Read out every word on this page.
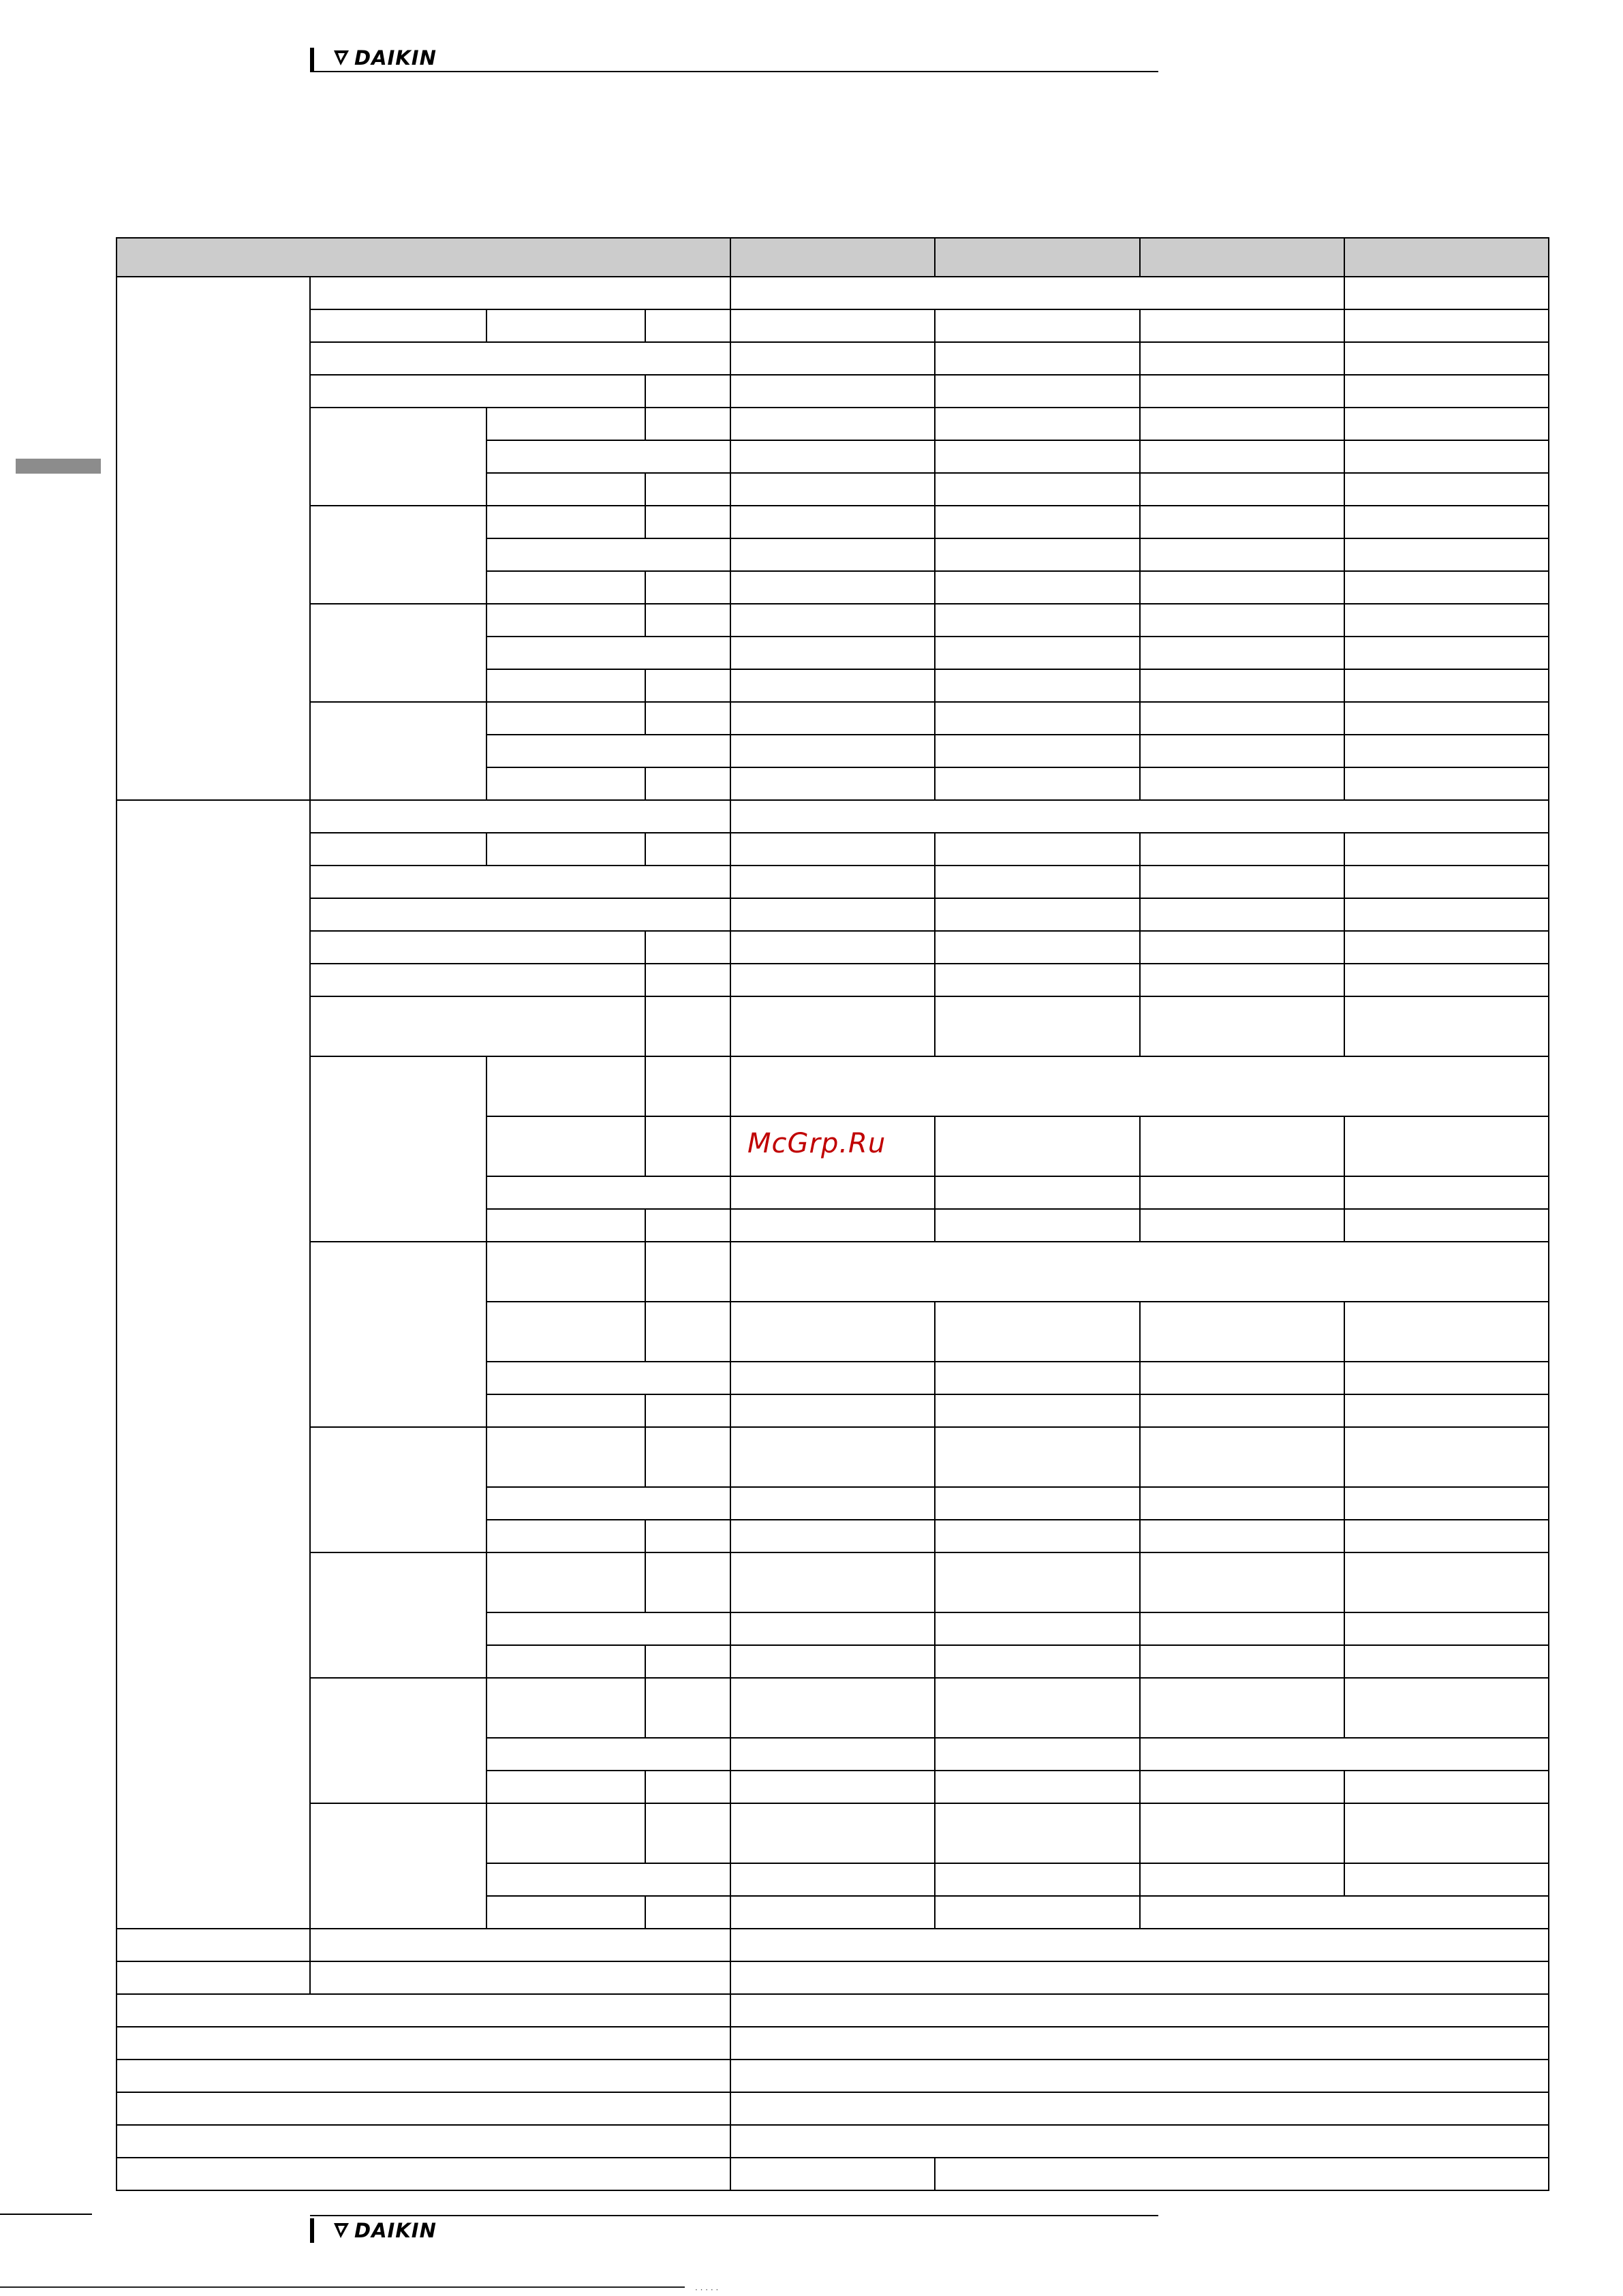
DAIKIN
McGrp.Ru
DAIKIN
· · · · ·
